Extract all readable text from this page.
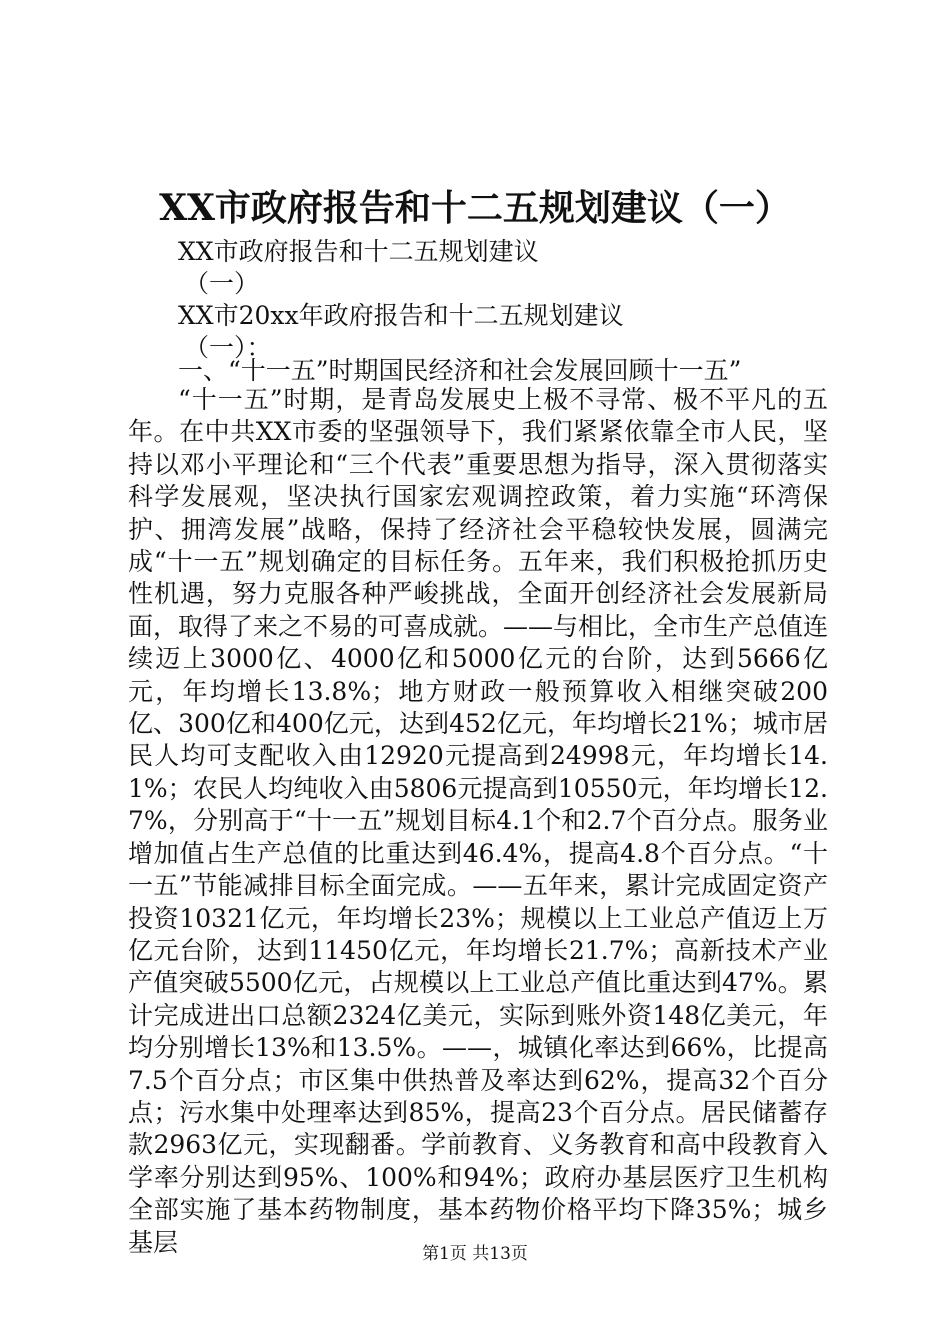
XX市政府报告和十二五规划建议（一）
XX市政府报告和十二五规划建议
（一）
XX市20xx年政府报告和十二五规划建议
（一）：
一、“十一五”时期国民经济和社会发展回顾十一五”

“十一五”时期，是青岛发展史上极不寻常、极不平凡的五年。在中共XX市委的坚强领导下，我们紧紧依靠全市人民，坚持以邓小平理论和“三个代表”重要思想为指导，深入贯彻落实科学发展观，坚决执行国家宏观调控政策，着力实施“环湾保护、拥湾发展”战略，保持了经济社会平稳较快发展，圆满完成“十一五”规划确定的目标任务。五年来，我们积极抢抓历史性机遇，努力克服各种严峻挑战，全面开创经济社会发展新局面，取得了来之不易的可喜成就。——与相比，全市生产总值连续迈上3000亿、4000亿和5000亿元的台阶，达到5666亿元，年均增长13.8%；地方财政一般预算收入相继突破200亿、300亿和400亿元，达到452亿元，年均增长21%；城市居民人均可支配收入由12920元提高到24998元，年均增长14.1%；农民人均纯收入由5806元提高到10550元，年均增长12.7%，分别高于“十一五”规划目标4.1个和2.7个百分点。服务业增加值占生产总值的比重达到46.4%，提高4.8个百分点。“十一五”节能减排目标全面完成。——五年来，累计完成固定资产投资10321亿元，年均增长23%；规模以上工业总产值迈上万亿元台阶，达到11450亿元，年均增长21.7%；高新技术产业产值突破5500亿元，占规模以上工业总产值比重达到47%。累计完成进出口总额2324亿美元，实际到账外资148亿美元，年均分别增长13%和13.5%。——，城镇化率达到66%，比提高7.5个百分点；市区集中供热普及率达到62%，提高32个百分点；污水集中处理率达到85%，提高23个百分点。居民储蓄存款2963亿元，实现翻番。学前教育、义务教育和高中段教育入学率分别达到95%、100%和94%；政府办基层医疗卫生机构全部实施了基本药物制度，基本药物价格平均下降35%；城乡基层	第1页 共13页
